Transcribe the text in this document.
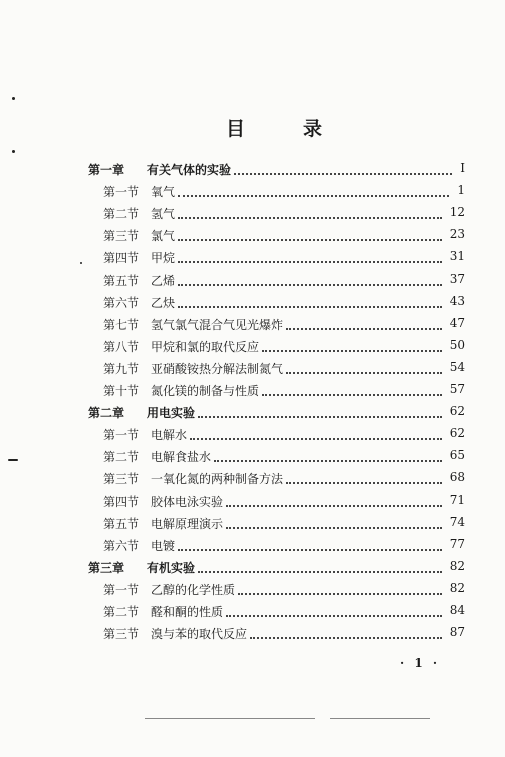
目	录
第一章 有关气体的实验	I
第一节 氧气	1
第二节 氢气	12
第三节 氯气	23
第四节 甲烷	31
第五节 乙烯	37
第六节 乙炔	43
第七节 氢气氯气混合气见光爆炸	47
第八节 甲烷和氯的取代反应	50
第九节 亚硝酸铵热分解法制氮气	54
第十节 氮化镁的制备与性质	57
第二章 用电实验	62
第一节 电解水	62
第二节 电解食盐水	65
第三节 一氧化氮的两种制备方法	68
第四节 胶体电泳实验	71
第五节 电解原理演示	74
第六节 电镀	77
第三章 有机实验	82
第一节 乙醇的化学性质	82
第二节 醛和酮的性质	84
第三节 溴与苯的取代反应	87
· 1 ·
